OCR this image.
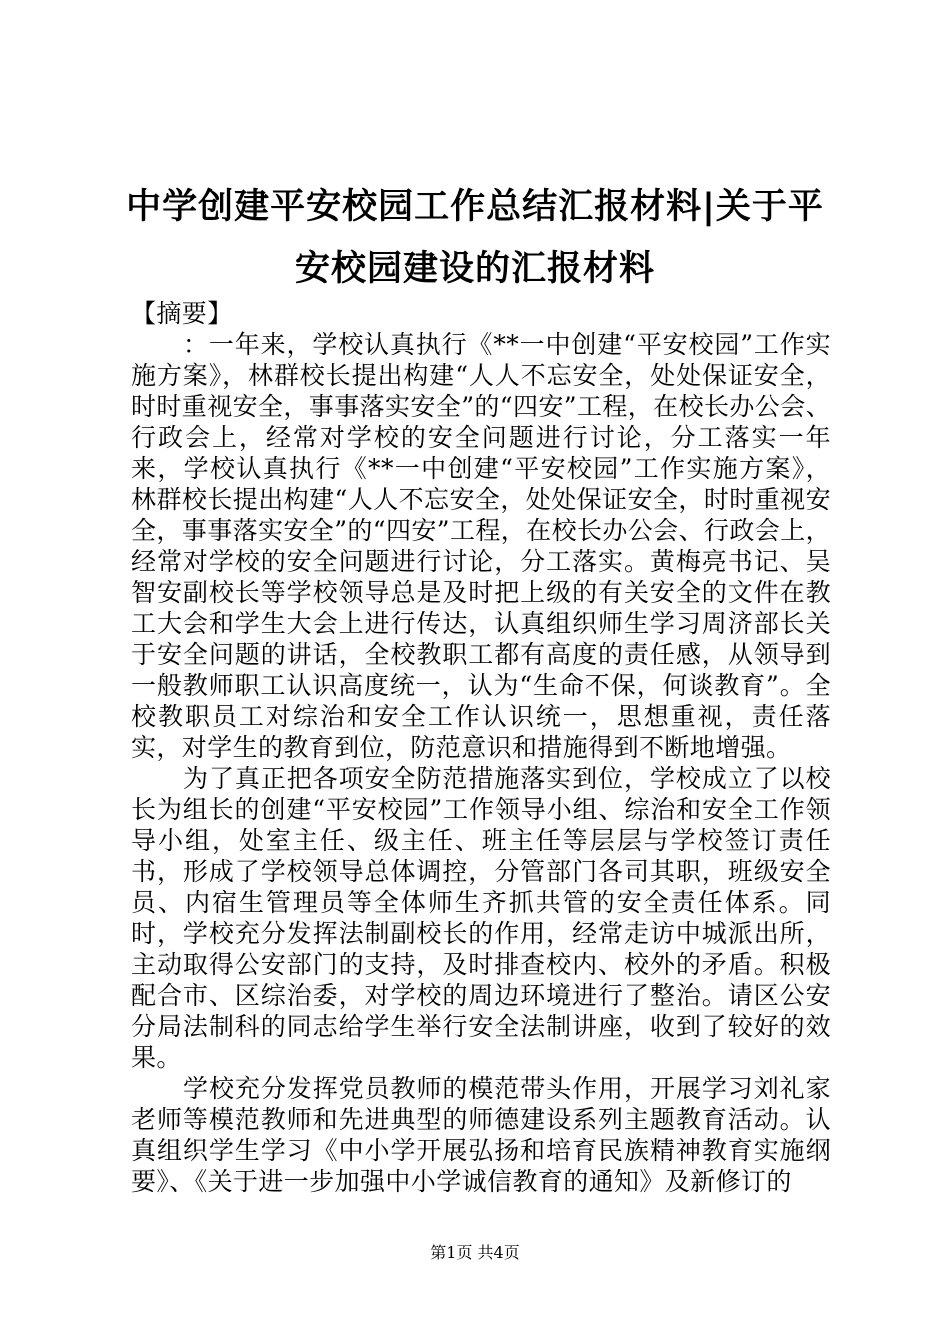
中学创建平安校园工作总结汇报材料|关于平安校园建设的汇报材料

【摘要】

：一年来，学校认真执行《**一中创建“平安校园”工作实施方案》，林群校长提出构建“人人不忘安全，处处保证安全，时时重视安全，事事落实安全”的“四安”工程，在校长办公会、行政会上，经常对学校的安全问题进行讨论，分工落实一年来，学校认真执行《**一中创建“平安校园”工作实施方案》，林群校长提出构建“人人不忘安全，处处保证安全，时时重视安全，事事落实安全”的“四安”工程，在校长办公会、行政会上，经常对学校的安全问题进行讨论，分工落实。黄梅亮书记、吴智安副校长等学校领导总是及时把上级的有关安全的文件在教工大会和学生大会上进行传达，认真组织师生学习周济部长关于安全问题的讲话，全校教职工都有高度的责任感，从领导到一般教师职工认识高度统一，认为“生命不保，何谈教育”。全校教职员工对综治和安全工作认识统一，思想重视，责任落实，对学生的教育到位，防范意识和措施得到不断地增强。

为了真正把各项安全防范措施落实到位，学校成立了以校长为组长的创建“平安校园”工作领导小组、综治和安全工作领导小组，处室主任、级主任、班主任等层层与学校签订责任书，形成了学校领导总体调控，分管部门各司其职，班级安全员、内宿生管理员等全体师生齐抓共管的安全责任体系。同时，学校充分发挥法制副校长的作用，经常走访中城派出所，主动取得公安部门的支持，及时排查校内、校外的矛盾。积极配合市、区综治委，对学校的周边环境进行了整治。请区公安分局法制科的同志给学生举行安全法制讲座，收到了较好的效果。

学校充分发挥党员教师的模范带头作用，开展学习刘礼家老师等模范教师和先进典型的师德建设系列主题教育活动。认真组织学生学习《中小学开展弘扬和培育民族精神教育实施纲要》、《关于进一步加强中小学诚信教育的通知》及新修订的

第1页 共4页
